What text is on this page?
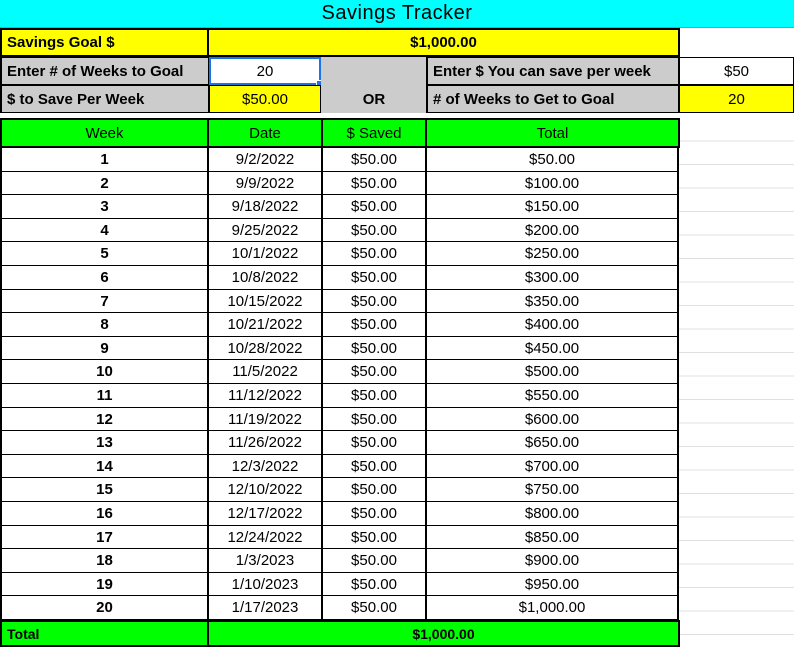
Savings Tracker
Savings Goal $	$1,000.00
Enter # of Weeks to Goal	20	Enter $ You can save per week	$50
$ to Save Per Week	$50.00	OR	# of Weeks to Get to Goal	20
Week	Date	$ Saved	Total
1	9/2/2022	$50.00	$50.00
2	9/9/2022	$50.00	$100.00
3	9/18/2022	$50.00	$150.00
4	9/25/2022	$50.00	$200.00
5	10/1/2022	$50.00	$250.00
6	10/8/2022	$50.00	$300.00
7	10/15/2022	$50.00	$350.00
8	10/21/2022	$50.00	$400.00
9	10/28/2022	$50.00	$450.00
10	11/5/2022	$50.00	$500.00
11	11/12/2022	$50.00	$550.00
12	11/19/2022	$50.00	$600.00
13	11/26/2022	$50.00	$650.00
14	12/3/2022	$50.00	$700.00
15	12/10/2022	$50.00	$750.00
16	12/17/2022	$50.00	$800.00
17	12/24/2022	$50.00	$850.00
18	1/3/2023	$50.00	$900.00
19	1/10/2023	$50.00	$950.00
20	1/17/2023	$50.00	$1,000.00
Total	$1,000.00
